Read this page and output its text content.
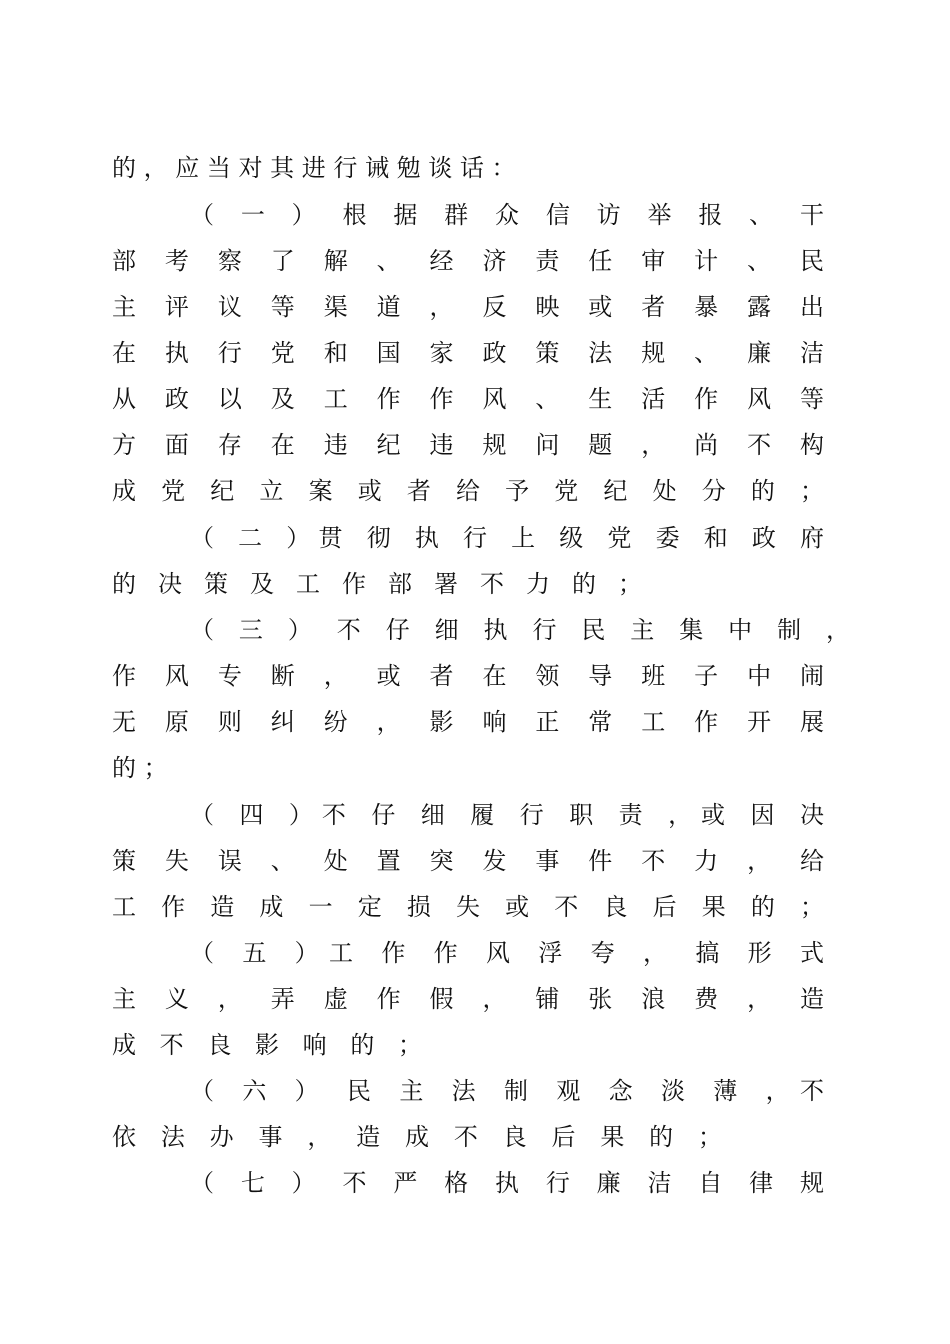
的 ， 应 当 对 其 进 行 诫 勉 谈 话 ：
（ 一 ） 根 据 群 众 信 访 举 报 、 干
部 考 察 了 解 、 经 济 责 任 审 计 、 民
主 评 议 等 渠 道 ， 反 映 或 者 暴 露 出
在 执 行 党 和 国 家 政 策 法 规 、 廉 洁
从 政 以 及 工 作 作 风 、 生 活 作 风 等
方 面 存 在 违 纪 违 规 问 题 ， 尚 不 构
成 党 纪 立 案 或 者 给 予 党 纪 处 分 的 ；
（ 二 ）贯 彻 执 行 上 级 党 委 和 政 府
的 决 策 及 工 作 部 署 不 力 的 ；
（ 三 ） 不 仔 细 执 行 民 主 集 中 制 ，
作 风 专 断 ， 或 者 在 领 导 班 子 中 闹
无 原 则 纠 纷 ， 影 响 正 常 工 作 开 展
的 ；
（ 四 ）不 仔 细 履 行 职 责 ，或 因 决
策 失 误 、 处 置 突 发 事 件 不 力 ， 给
工 作 造 成 一 定 损 失 或 不 良 后 果 的 ；
（ 五 ）工 作 作 风 浮 夸 ， 搞 形 式
主 义 ， 弄 虚 作 假 ， 铺 张 浪 费 ， 造
成 不 良 影 响 的 ；
（ 六 ） 民 主 法 制 观 念 淡 薄 ，不
依 法 办 事 ， 造 成 不 良 后 果 的 ；
（ 七 ） 不 严 格 执 行 廉 洁 自 律 规
